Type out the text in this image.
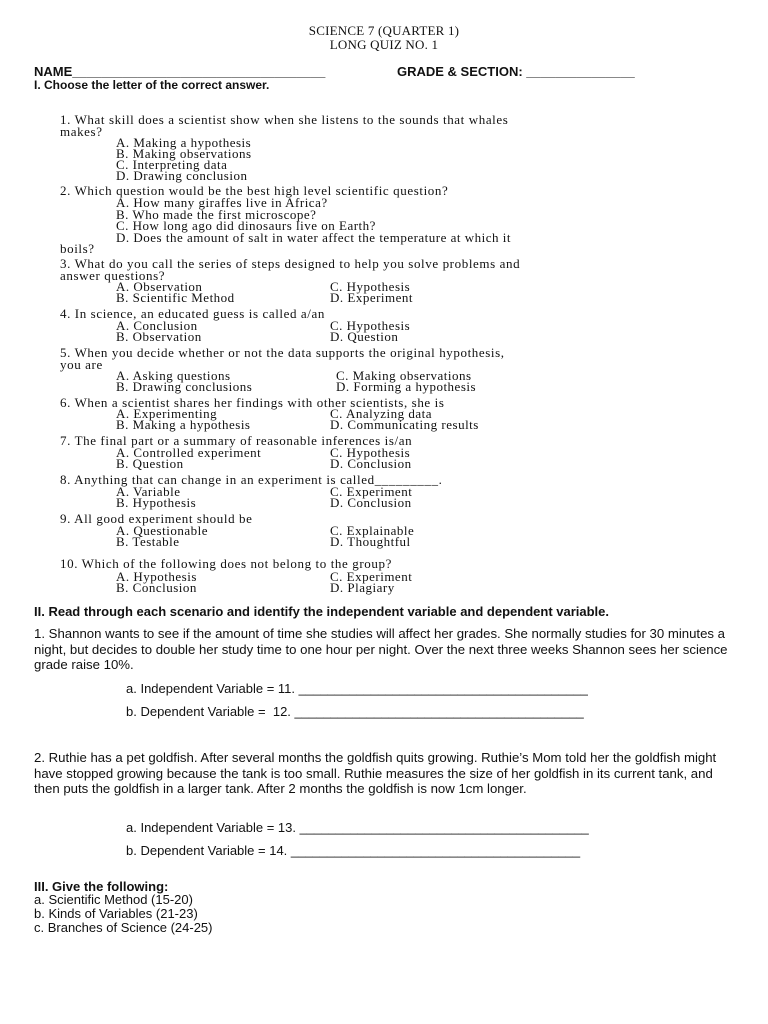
SCIENCE 7 (QUARTER 1)
LONG QUIZ NO. 1
NAME___________________________________	GRADE & SECTION: _______________
I. Choose the letter of the correct answer.
1. What skill does a scientist show when she listens to the sounds that whales
makes?
A. Making a hypothesis
B. Making observations
C. Interpreting data
D. Drawing conclusion
2. Which question would be the best high level scientific question?
A. How many giraffes live in Africa?
B. Who made the first microscope?
C. How long ago did dinosaurs live on Earth?
D. Does the amount of salt in water affect the temperature at which it
boils?
3. What do you call the series of steps designed to help you solve problems and
answer questions?
A. Observation	C. Hypothesis
B. Scientific Method	D. Experiment
4. In science, an educated guess is called a/an
A. Conclusion	C. Hypothesis
B. Observation	D. Question
5. When you decide whether or not the data supports the original hypothesis,
you are
A. Asking questions	C. Making observations
B. Drawing conclusions	D. Forming a hypothesis
6. When a scientist shares her findings with other scientists, she is
A. Experimenting	C. Analyzing data
B. Making a hypothesis	D. Communicating results
7. The final part or a summary of reasonable inferences is/an
A. Controlled experiment	C. Hypothesis
B. Question	D. Conclusion
8. Anything that can change in an experiment is called_________.
A. Variable	C. Experiment
B. Hypothesis	D. Conclusion
9. All good experiment should be
A. Questionable	C. Explainable
B. Testable	D. Thoughtful
10. Which of the following does not belong to the group?
A. Hypothesis	C. Experiment
B. Conclusion	D. Plagiary
II. Read through each scenario and identify the independent variable and dependent variable.
1. Shannon wants to see if the amount of time she studies will affect her grades. She normally studies for 30 minutes a night, but decides to double her study time to one hour per night. Over the next three weeks Shannon sees her science grade raise 10%.
a. Independent Variable = 11. ________________________________________
b. Dependent Variable =  12. ________________________________________
2. Ruthie has a pet goldfish. After several months the goldfish quits growing. Ruthie’s Mom told her the goldfish might have stopped growing because the tank is too small. Ruthie measures the size of her goldfish in its current tank, and then puts the goldfish in a larger tank. After 2 months the goldfish is now 1cm longer.
a. Independent Variable = 13. ________________________________________
b. Dependent Variable = 14. ________________________________________
III. Give the following:
a. Scientific Method (15-20)
b. Kinds of Variables (21-23)
c. Branches of Science (24-25)
